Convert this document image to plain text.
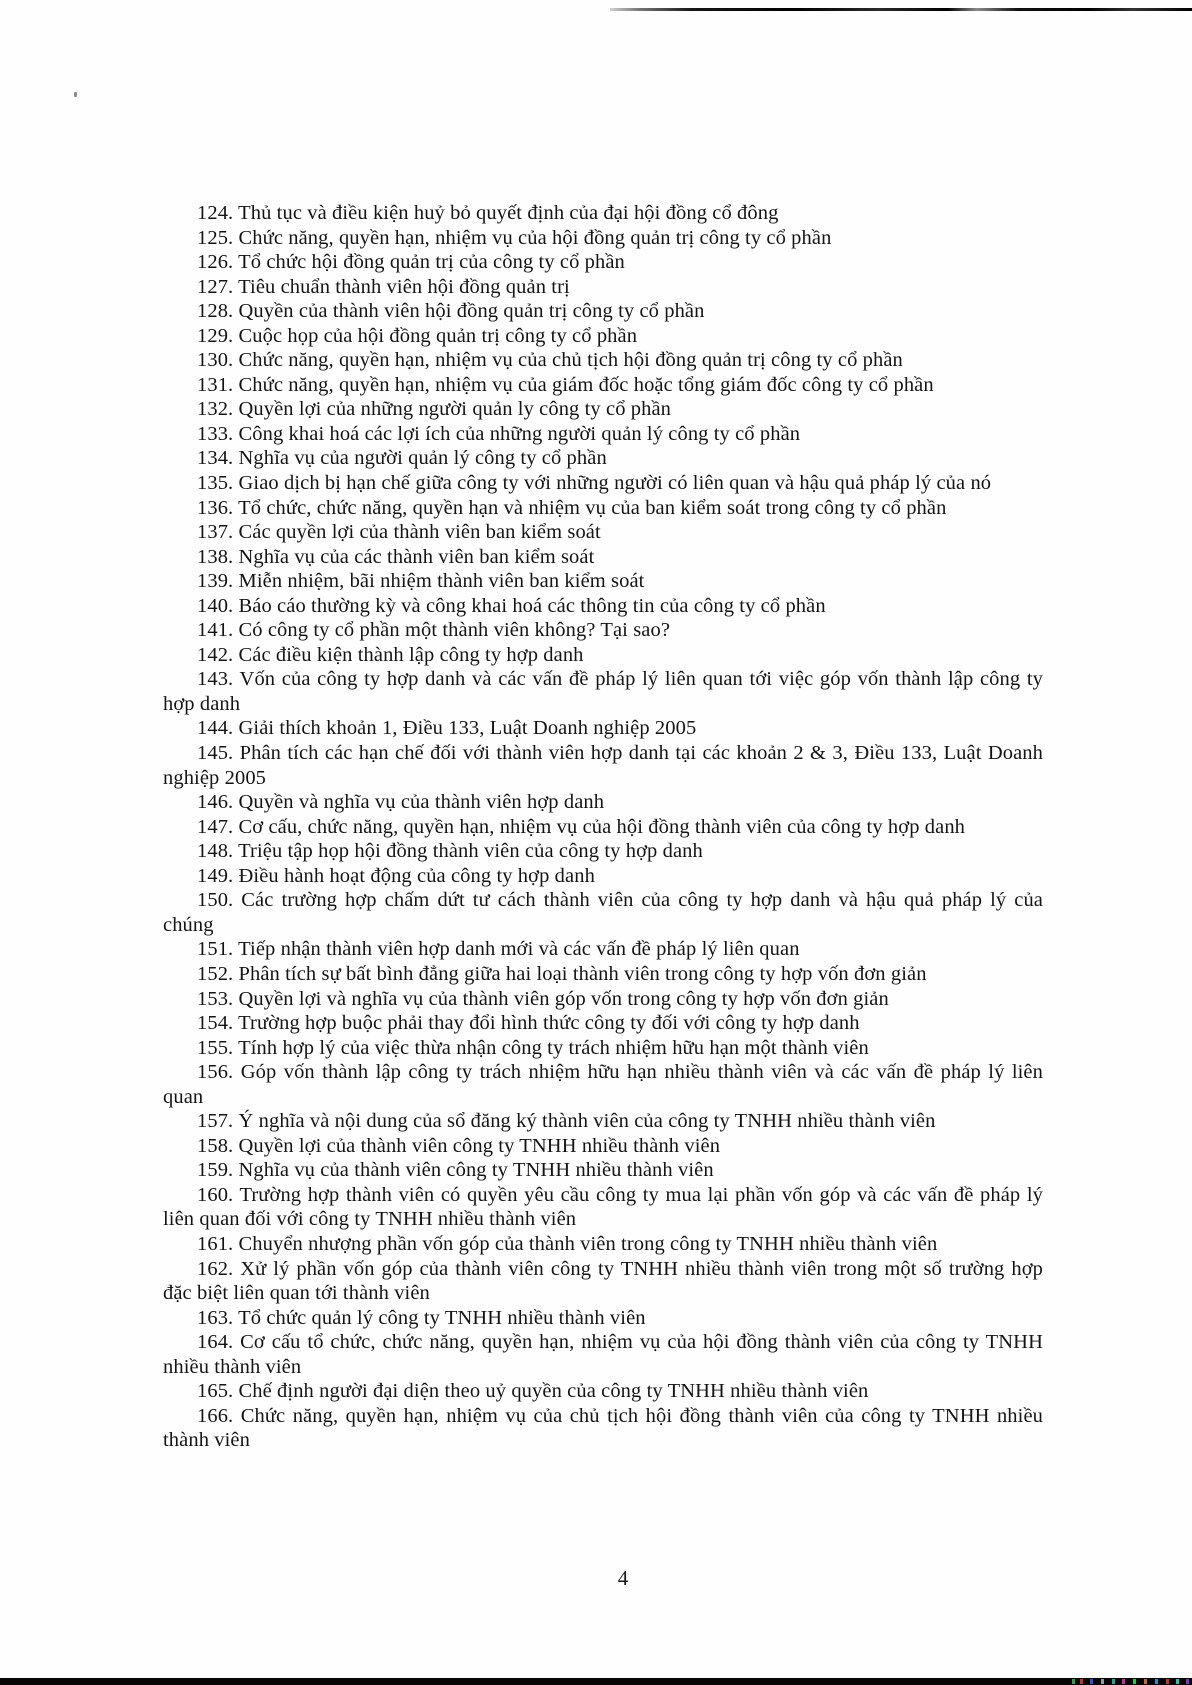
124. Thủ tục và điều kiện huỷ bỏ quyết định của đại hội đồng cổ đông

125. Chức năng, quyền hạn, nhiệm vụ của hội đồng quản trị công ty cổ phần

126. Tổ chức hội đồng quản trị của công ty cổ phần

127. Tiêu chuẩn thành viên hội đồng quản trị

128. Quyền của thành viên hội đồng quản trị công ty cổ phần

129. Cuộc họp của hội đồng quản trị công ty cổ phần

130. Chức năng, quyền hạn, nhiệm vụ của chủ tịch hội đồng quản trị công ty cổ phần

131. Chức năng, quyền hạn, nhiệm vụ của giám đốc hoặc tổng giám đốc công ty cổ phần

132. Quyền lợi của những người quản ly công ty cổ phần

133. Công khai hoá các lợi ích của những người quản lý công ty cổ phần

134. Nghĩa vụ của người quản lý công ty cổ phần

135. Giao dịch bị hạn chế giữa công ty với những người có liên quan và hậu quả pháp lý của nó

136. Tổ chức, chức năng, quyền hạn và nhiệm vụ của ban kiểm soát trong công ty cổ phần

137. Các quyền lợi của thành viên ban kiểm soát

138. Nghĩa vụ của các thành viên ban kiểm soát

139. Miễn nhiệm, bãi nhiệm thành viên ban kiểm soát

140. Báo cáo thường kỳ và công khai hoá các thông tin của công ty cổ phần

141. Có công ty cổ phần một thành viên không? Tại sao?

142. Các điều kiện thành lập công ty hợp danh

143. Vốn của công ty hợp danh và các vấn đề pháp lý liên quan tới việc góp vốn thành lập công ty hợp danh

144. Giải thích khoản 1, Điều 133, Luật Doanh nghiệp 2005

145. Phân tích các hạn chế đối với thành viên hợp danh tại các khoản 2 & 3, Điều 133, Luật Doanh nghiệp 2005

146. Quyền và nghĩa vụ của thành viên hợp danh

147. Cơ cấu, chức năng, quyền hạn, nhiệm vụ của hội đồng thành viên của công ty hợp danh

148. Triệu tập họp hội đồng thành viên của công ty hợp danh

149. Điều hành hoạt động của công ty hợp danh

150. Các trường hợp chấm dứt tư cách thành viên của công ty hợp danh và hậu quả pháp lý của chúng

151. Tiếp nhận thành viên hợp danh mới và các vấn đề pháp lý liên quan

152. Phân tích sự bất bình đẳng giữa hai loại thành viên trong công ty hợp vốn đơn giản

153. Quyền lợi và nghĩa vụ của thành viên góp vốn trong công ty hợp vốn đơn giản

154. Trường hợp buộc phải thay đổi hình thức công ty đối với công ty hợp danh

155. Tính hợp lý của việc thừa nhận công ty trách nhiệm hữu hạn một thành viên

156. Góp vốn thành lập công ty trách nhiệm hữu hạn nhiều thành viên và các vấn đề pháp lý liên quan

157. Ý nghĩa và nội dung của sổ đăng ký thành viên của công ty TNHH nhiều thành viên

158. Quyền lợi của thành viên công ty TNHH nhiều thành viên

159. Nghĩa vụ của thành viên công ty TNHH nhiều thành viên

160. Trường hợp thành viên có quyền yêu cầu công ty mua lại phần vốn góp và các vấn đề pháp lý liên quan đối với công ty TNHH nhiều thành viên

161. Chuyển nhượng phần vốn góp của thành viên trong công ty TNHH nhiều thành viên

162. Xử lý phần vốn góp của thành viên công ty TNHH nhiều thành viên trong một số trường hợp đặc biệt liên quan tới thành viên

163. Tổ chức quản lý công ty TNHH nhiều thành viên

164. Cơ cấu tổ chức, chức năng, quyền hạn, nhiệm vụ của hội đồng thành viên của công ty TNHH nhiều thành viên

165. Chế định người đại diện theo uỷ quyền của công ty TNHH nhiều thành viên

166. Chức năng, quyền hạn, nhiệm vụ của chủ tịch hội đồng thành viên của công ty TNHH nhiều thành viên

4
